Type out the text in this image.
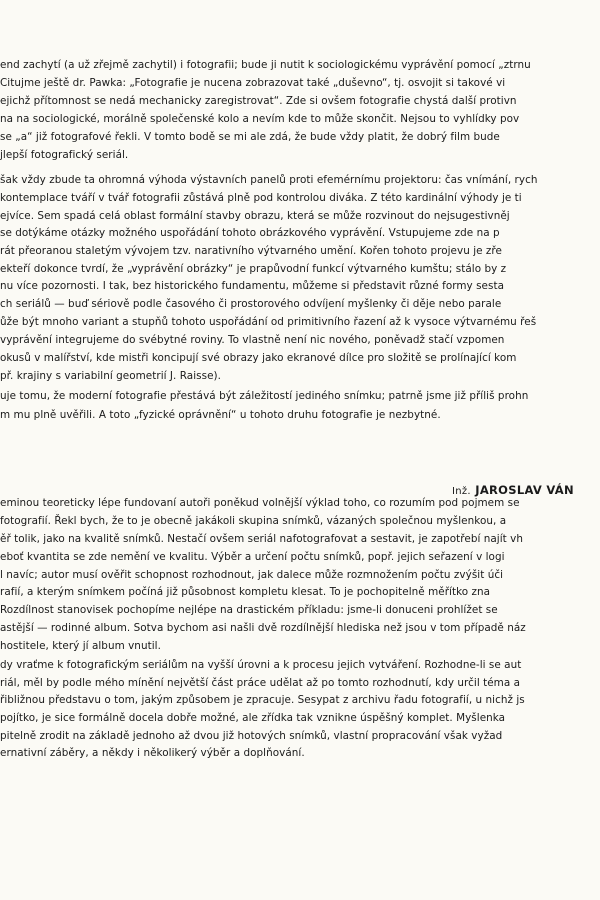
end zachytí (a už zřejmě zachytil) i fotografii; bude ji nutit k sociologickému vyprávění pomocí „ztrnu
Citujme ještě dr. Pawka: „Fotografie je nucena zobrazovat také „duševno“, tj. osvojit si takové vi
ejichž přítomnost se nedá mechanicky zaregistrovat“. Zde si ovšem fotografie chystá další protivn
na na sociologické, morálně společenské kolo a nevím kde to může skončit. Nejsou to vyhlídky pov
se „a“ již fotografové řekli. V tomto bodě se mi ale zdá, že bude vždy platit, že dobrý film bude
jlepší fotografický seriál.
šak vždy zbude ta ohromná výhoda výstavních panelů proti efemérnímu projektoru: čas vnímání, rych
kontemplace tváří v tvář fotografii zůstává plně pod kontrolou diváka. Z této kardinální výhody je ti
ejvíce. Sem spadá celá oblast formální stavby obrazu, která se může rozvinout do nejsugestivněj
se dotýkáme otázky možného uspořádání tohoto obrázkového vyprávění. Vstupujeme zde na p
rát přeoranou staletým vývojem tzv. narativního výtvarného umění. Kořen tohoto projevu je zře
ekteří dokonce tvrdí, že „vyprávění obrázky“ je prapůvodní funkcí výtvarného kumštu; stálo by z
nu více pozornosti. I tak, bez historického fundamentu, můžeme si představit různé formy sesta
ch seriálů — buď sériově podle časového či prostorového odvíjení myšlenky či děje nebo parale
ůže být mnoho variant a stupňů tohoto uspořádání od primitivního řazení až k vysoce výtvarnému řeš
vyprávění integrujeme do svébytné roviny. To vlastně není nic nového, poněvadž stačí vzpomen
okusů v malířství, kde mistři koncipují své obrazy jako ekranové dílce pro složitě se prolínající kom
př. krajiny s variabilní geometrií J. Raisse).
uje tomu, že moderní fotografie přestává být záležitostí jediného snímku; patrně jsme již příliš prohn
m mu plně uvěřili. A toto „fyzické oprávnění“ u tohoto druhu fotografie je nezbytné.
Inž. JAROSLAV VÁN
eminou teoreticky lépe fundovaní autoři poněkud volnější výklad toho, co rozumím pod pojmem se
fotografií. Řekl bych, že to je obecně jakákoli skupina snímků, vázaných společnou myšlenkou, a
ěř tolik, jako na kvalitě snímků. Nestačí ovšem seriál nafotografovat a sestavit, je zapotřebí najít vh
eboť kvantita se zde nemění ve kvalitu. Výběr a určení počtu snímků, popř. jejich seřazení v logi
l navíc; autor musí ověřit schopnost rozhodnout, jak dalece může rozmnožením počtu zvýšit úči
rafií, a kterým snímkem počíná již působnost kompletu klesat. To je pochopitelně měřítko zna
Rozdílnost stanovisek pochopíme nejlépe na drastickém příkladu: jsme-li donuceni prohlížet se
astější — rodinné album. Sotva bychom asi našli dvě rozdílnější hlediska než jsou v tom případě náz
hostitele, který jí album vnutil.
dy vraťme k fotografickým seriálům na vyšší úrovni a k procesu jejich vytváření. Rozhodne-li se aut
riál, měl by podle mého mínění největší část práce udělat až po tomto rozhodnutí, kdy určil téma a
řibližnou představu o tom, jakým způsobem je zpracuje. Sesypat z archivu řadu fotografií, u nichž js
pojítko, je sice formálně docela dobře možné, ale zřídka tak vznikne úspěšný komplet. Myšlenka
pitelně zrodit na základě jednoho až dvou již hotových snímků, vlastní propracování však vyžad
ernativní záběry, a někdy i několikerý výběr a doplňování.
